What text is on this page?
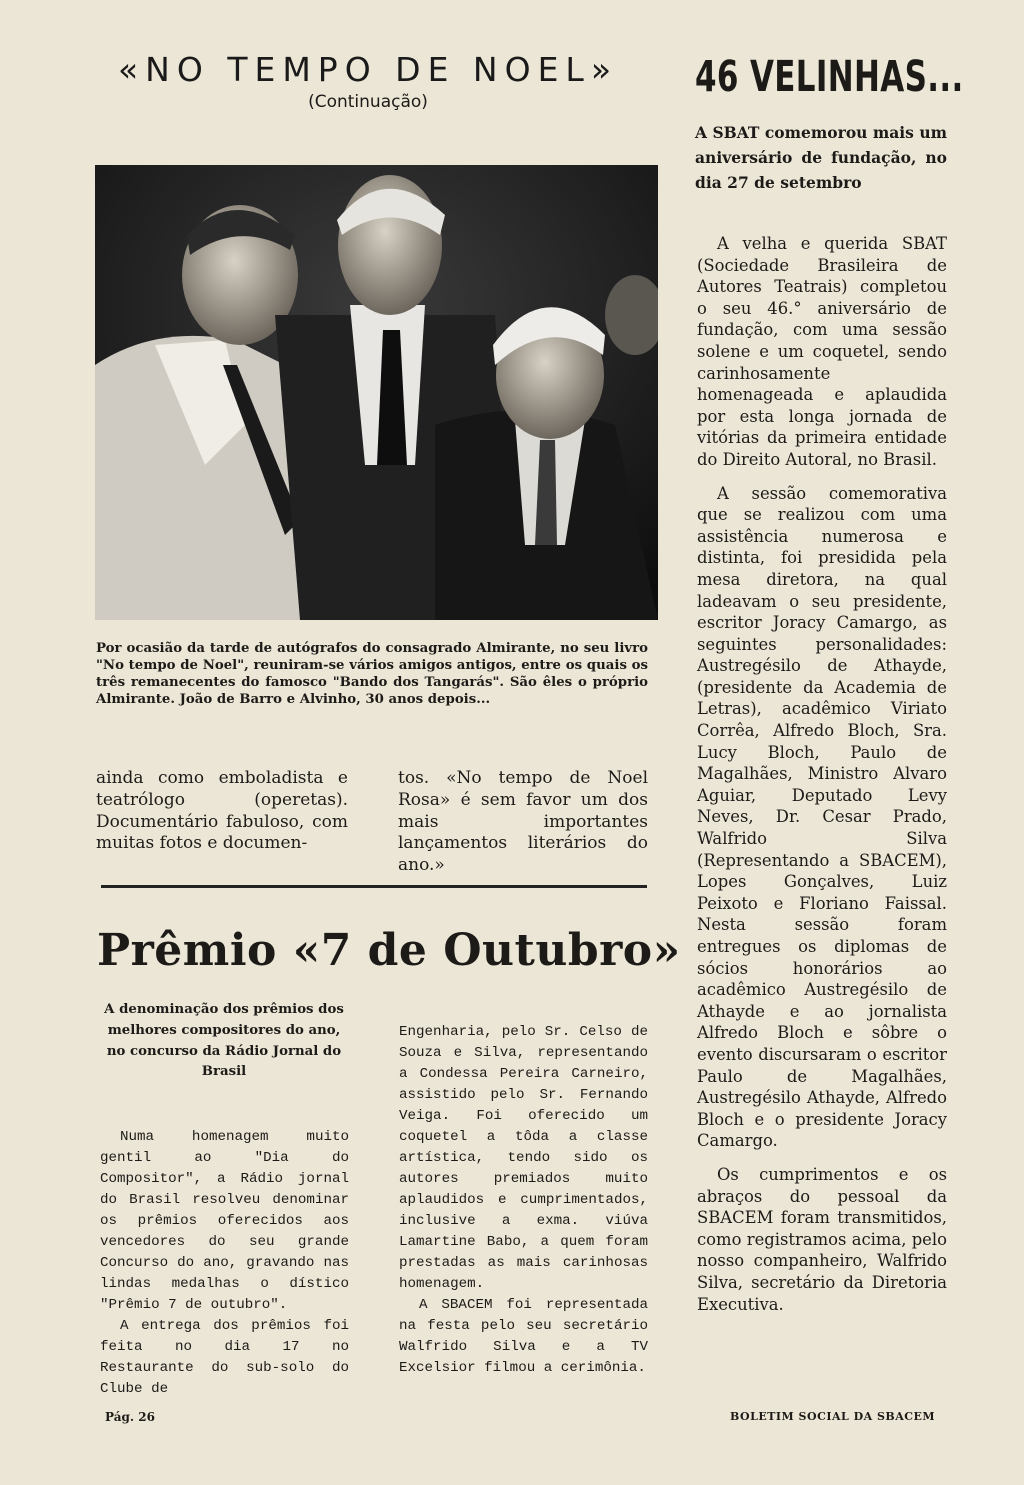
«NO TEMPO DE NOEL»
(Continuação)
Por ocasião da tarde de autógrafos do consagrado Almirante, no seu livro "No tempo de Noel", reuniram-se vários amigos antigos, entre os quais os três remanecentes do famosco "Bando dos Tangarás". São êles o próprio Almirante. João de Barro e Alvinho, 30 anos depois...
ainda como emboladista e teatrólogo (operetas). Documentário fabuloso, com muitas fotos e documen-
tos. «No tempo de Noel Rosa» é sem favor um dos mais importantes lançamentos literários do ano.»
Prêmio «7 de Outubro»
A denominação dos prêmios dos melhores compositores do ano, no concurso da Rádio Jornal do Brasil

Numa homenagem muito gentil ao "Dia do Compositor", a Rádio jornal do Brasil resolveu denominar os prêmios oferecidos aos vencedores do seu grande Concurso do ano, gravando nas lindas medalhas o dístico "Prêmio 7 de outubro".

A entrega dos prêmios foi feita no dia 17 no Restaurante do sub-solo do Clube de

Engenharia, pelo Sr. Celso de Souza e Silva, representando a Condessa Pereira Carneiro, assistido pelo Sr. Fernando Veiga. Foi oferecido um coquetel a tôda a classe artística, tendo sido os autores premiados muito aplaudidos e cumprimentados, inclusive a exma. viúva Lamartine Babo, a quem foram prestadas as mais carinhosas homenagem.

A SBACEM foi representada na festa pelo seu secretário Walfrido Silva e a TV Excelsior filmou a cerimônia.

46 VELINHAS...
A SBAT comemorou mais um aniversário de fundação, no dia 27 de setembro

A velha e querida SBAT (Sociedade Brasileira de Autores Teatrais) completou o seu 46.° aniversário de fundação, com uma sessão solene e um coquetel, sendo carinhosamente homenageada e aplaudida por esta longa jornada de vitórias da primeira entidade do Direito Autoral, no Brasil.

A sessão comemorativa que se realizou com uma assistência numerosa e distinta, foi presidida pela mesa diretora, na qual ladeavam o seu presidente, escritor Joracy Camargo, as seguintes personalidades: Austregésilo de Athayde, (presidente da Academia de Letras), acadêmico Viriato Corrêa, Alfredo Bloch, Sra. Lucy Bloch, Paulo de Magalhães, Ministro Alvaro Aguiar, Deputado Levy Neves, Dr. Cesar Prado, Walfrido Silva (Representando a SBACEM), Lopes Gonçalves, Luiz Peixoto e Floriano Faissal. Nesta sessão foram entregues os diplomas de sócios honorários ao acadêmico Austregésilo de Athayde e ao jornalista Alfredo Bloch e sôbre o evento discursaram o escritor Paulo de Magalhães, Austregésilo Athayde, Alfredo Bloch e o presidente Joracy Camargo.

Os cumprimentos e os abraços do pessoal da SBACEM foram transmitidos, como registramos acima, pelo nosso companheiro, Walfrido Silva, secretário da Diretoria Executiva.

Pág. 26	BOLETIM SOCIAL DA SBACEM
